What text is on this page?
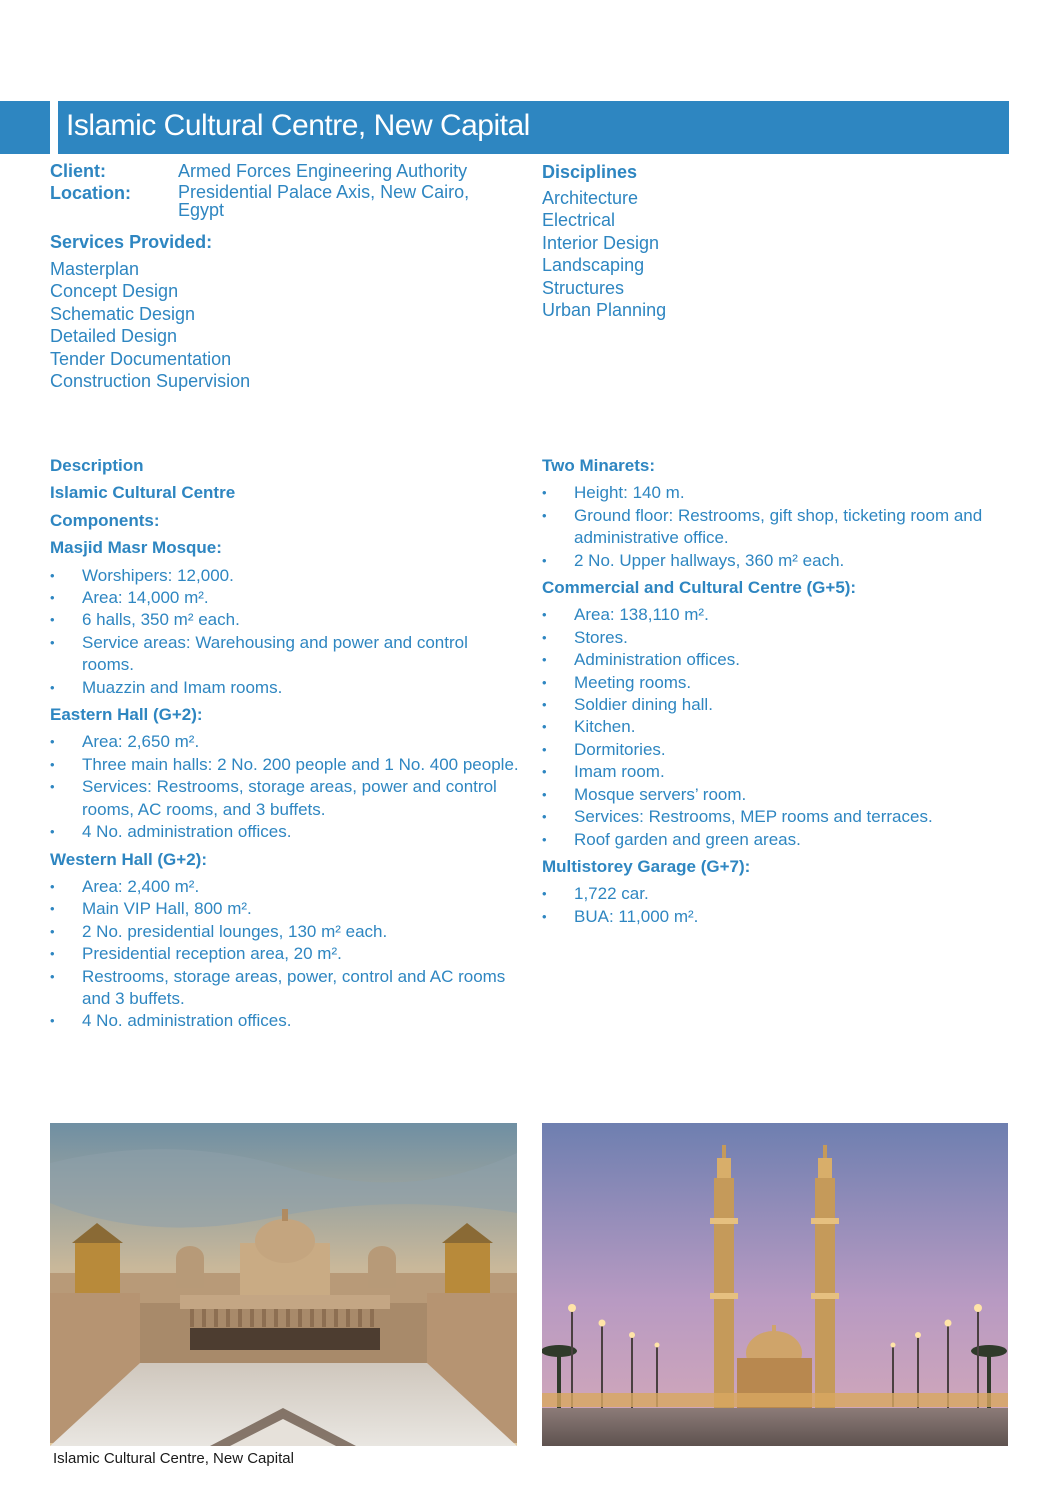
Islamic Cultural Centre, New Capital
Client:	Armed Forces Engineering Authority
Location:	Presidential Palace Axis, New Cairo, Egypt
Services Provided:
Masterplan
Concept Design
Schematic Design
Detailed Design
Tender Documentation
Construction Supervision
Disciplines
Architecture
Electrical
Interior Design
Landscaping
Structures
Urban Planning
Description
Islamic Cultural Centre
Components:
Masjid Masr Mosque:
• Worshipers: 12,000.
• Area: 14,000 m².
• 6 halls, 350 m² each.
• Service areas: Warehousing and power and control rooms.
• Muazzin and Imam rooms.
Eastern Hall (G+2):
• Area: 2,650 m².
• Three main halls: 2 No. 200 people and 1 No. 400 people.
• Services: Restrooms, storage areas, power and control rooms, AC rooms, and 3 buffets.
• 4 No. administration offices.
Western Hall (G+2):
• Area: 2,400 m².
• Main VIP Hall, 800 m².
• 2 No. presidential lounges, 130 m² each.
• Presidential reception area, 20 m².
• Restrooms, storage areas, power, control and AC rooms and 3 buffets.
• 4 No. administration offices.
Two Minarets:
• Height: 140 m.
• Ground floor: Restrooms, gift shop, ticketing room and administrative office.
• 2 No. Upper hallways, 360 m² each.
Commercial and Cultural Centre (G+5):
• Area: 138,110 m².
• Stores.
• Administration offices.
• Meeting rooms.
• Soldier dining hall.
• Kitchen.
• Dormitories.
• Imam room.
• Mosque servers’ room.
• Services: Restrooms, MEP rooms and terraces.
• Roof garden and green areas.
Multistorey Garage (G+7):
• 1,722 car.
• BUA: 11,000 m².
Islamic Cultural Centre, New Capital
